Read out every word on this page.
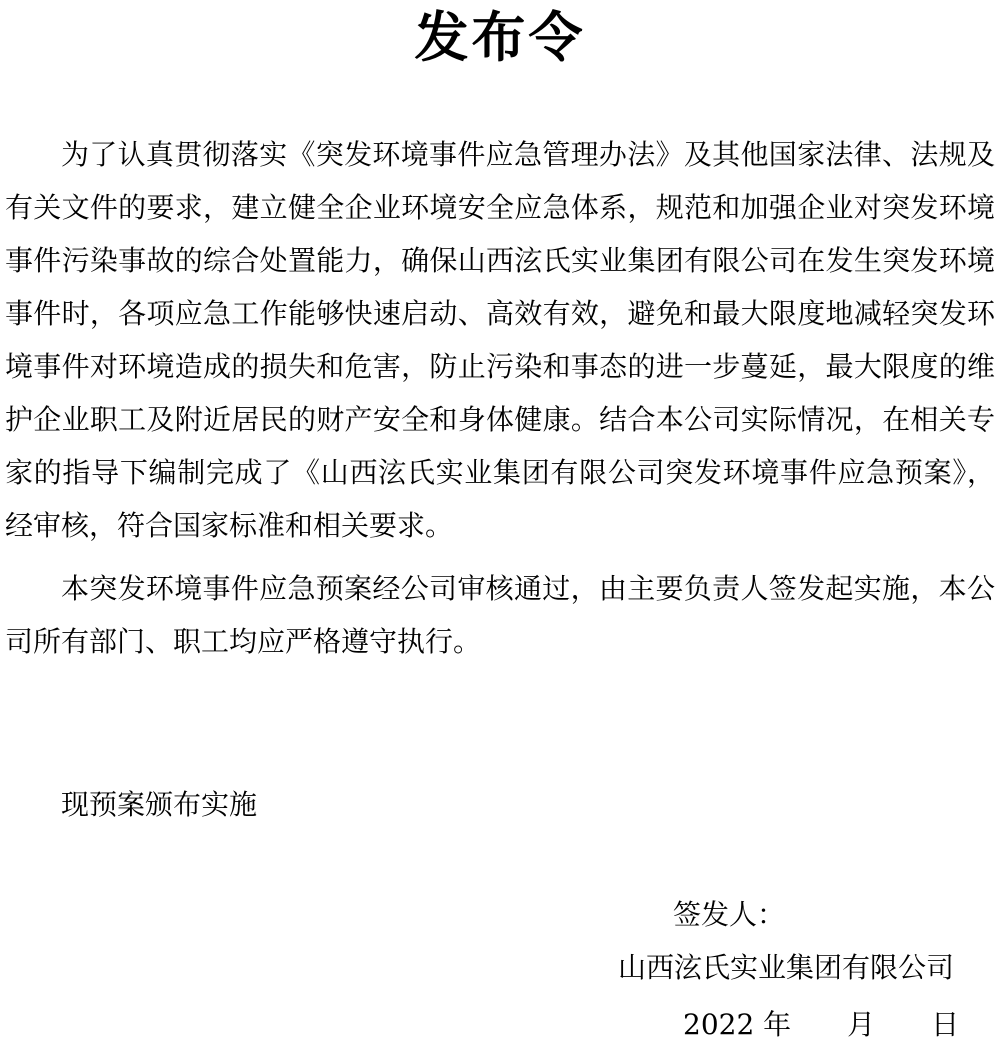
发布令

为了认真贯彻落实《突发环境事件应急管理办法》及其他国家法律、法规及有关文件的要求，建立健全企业环境安全应急体系，规范和加强企业对突发环境事件污染事故的综合处置能力，确保山西泫氏实业集团有限公司在发生突发环境事件时，各项应急工作能够快速启动、高效有效，避免和最大限度地减轻突发环境事件对环境造成的损失和危害，防止污染和事态的进一步蔓延，最大限度的维护企业职工及附近居民的财产安全和身体健康。结合本公司实际情况，在相关专家的指导下编制完成了《山西泫氏实业集团有限公司突发环境事件应急预案》，经审核，符合国家标准和相关要求。

本突发环境事件应急预案经公司审核通过，由主要负责人签发起实施，本公司所有部门、职工均应严格遵守执行。

现预案颁布实施

签发人：
山西泫氏实业集团有限公司
2022 年　　月　　日
